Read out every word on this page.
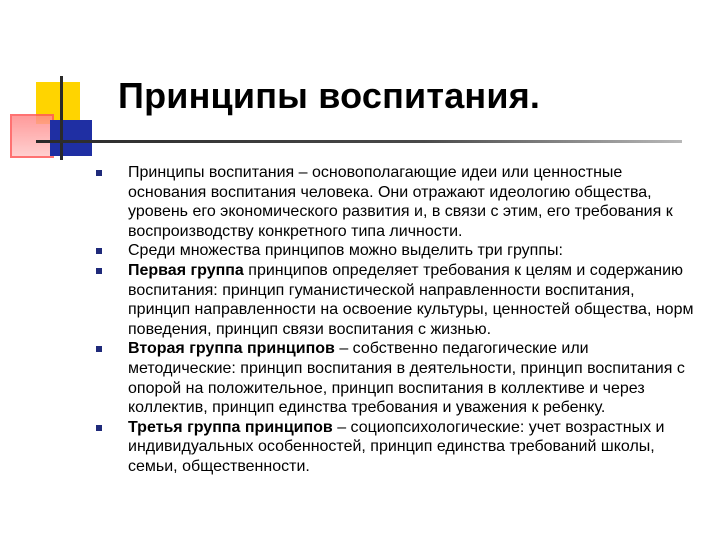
Принципы воспитания.
Принципы воспитания – основополагающие идеи или ценностные основания воспитания человека. Они отражают идеологию общества, уровень его экономического развития и, в связи с этим, его требования к воспроизводству конкретного типа личности.
Среди множества принципов можно выделить три группы:
Первая группа принципов определяет требования к целям и содержанию воспитания: принцип гуманистической направленности воспитания, принцип направленности на освоение культуры, ценностей общества, норм поведения, принцип связи воспитания с жизнью.
Вторая группа принципов – собственно педагогические или методические: принцип воспитания в деятельности, принцип воспитания с опорой на положительное, принцип воспитания в коллективе и через коллектив, принцип единства требования и уважения к ребенку.
Третья группа принципов – социопсихологические: учет возрастных и индивидуальных особенностей, принцип единства требований школы, семьи, общественности.
